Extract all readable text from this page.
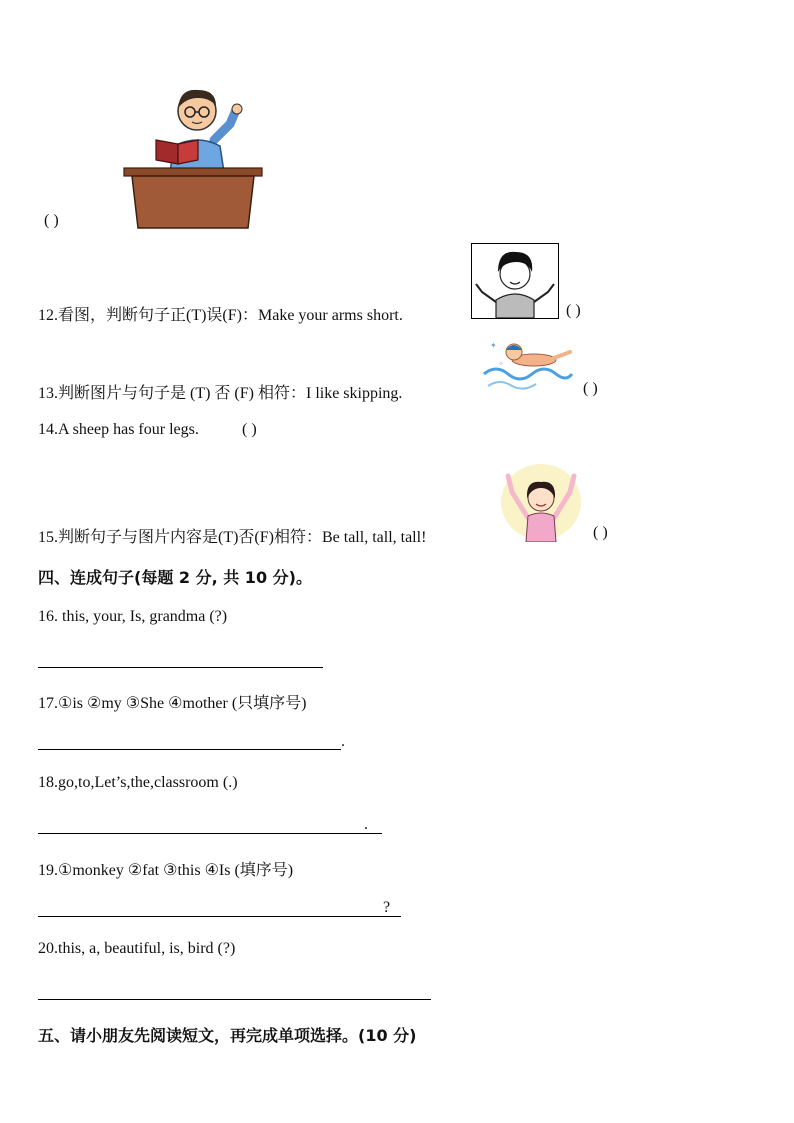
( )
12.看图，判断句子正(T)误(F)：Make your arms short.	( )
13.判断图片与句子是 (T) 否 (F) 相符：I like skipping.
✦
✧
( )
14.A sheep has four legs.	( )
15.判断句子与图片内容是(T)否(F)相符：Be tall, tall, tall!	( )
四、连成句子(每题 2 分, 共 10 分)。
16. this, your, Is, grandma (?)
17.①is ②my ③She ④mother (只填序号)
.
18.go,to,Let’s,the,classroom (.)
.
19.①monkey ②fat ③this ④Is (填序号)
?
20.this, a, beautiful, is, bird (?)
五、请小朋友先阅读短文，再完成单项选择。(10 分)
